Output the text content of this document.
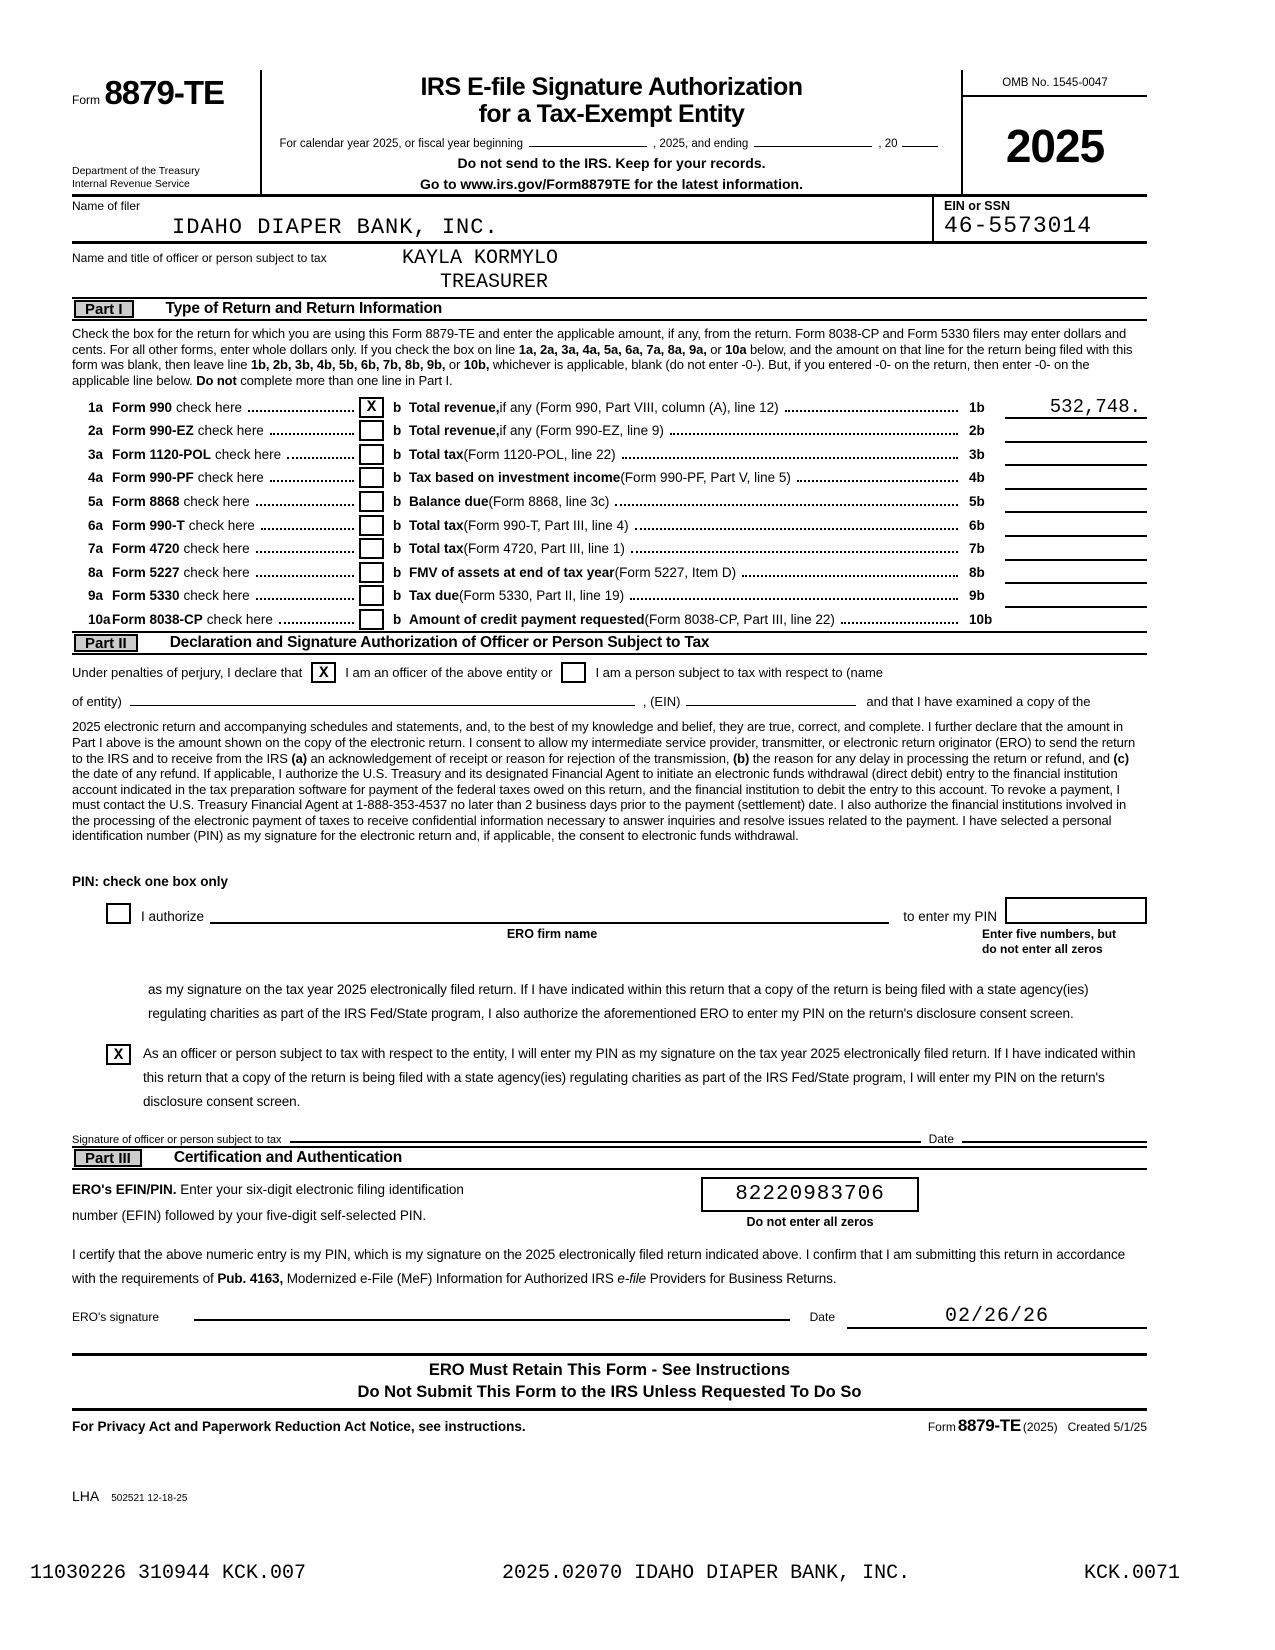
Form 8879-TE
Department of the Treasury
Internal Revenue Service
IRS E-file Signature Authorization
for a Tax-Exempt Entity
For calendar year 2025, or fiscal year beginning	, 2025, and ending	, 20
Do not send to the IRS. Keep for your records.
Go to www.irs.gov/Form8879TE for the latest information.
OMB No. 1545-0047
2025
Name of filer
IDAHO DIAPER BANK, INC.
EIN or SSN
46-5573014
Name and title of officer or person subject to tax	KAYLA KORMYLO
TREASURER
Part I	Type of Return and Return Information
Check the box for the return for which you are using this Form 8879-TE and enter the applicable amount, if any, from the return. Form 8038-CP and Form 5330 filers may enter dollars and cents. For all other forms, enter whole dollars only. If you check the box on line 1a, 2a, 3a, 4a, 5a, 6a, 7a, 8a, 9a, or 10a below, and the amount on that line for the return being filed with this form was blank, then leave line 1b, 2b, 3b, 4b, 5b, 6b, 7b, 8b, 9b, or 10b, whichever is applicable, blank (do not enter -0-). But, if you entered -0- on the return, then enter -0- on the applicable line below. Do not complete more than one line in Part I.
1a Form 990 check here	X	b Total revenue, if any (Form 990, Part VIII, column (A), line 12)	1b	532,748.
2a Form 990-EZ check here	b Total revenue, if any (Form 990-EZ, line 9)	2b
3a Form 1120-POL check here	b Total tax (Form 1120-POL, line 22)	3b
4a Form 990-PF check here	b Tax based on investment income (Form 990-PF, Part V, line 5)	4b
5a Form 8868 check here	b Balance due (Form 8868, line 3c)	5b
6a Form 990-T check here	b Total tax (Form 990-T, Part III, line 4)	6b
7a Form 4720 check here	b Total tax (Form 4720, Part III, line 1)	7b
8a Form 5227 check here	b FMV of assets at end of tax year (Form 5227, Item D)	8b
9a Form 5330 check here	b Tax due (Form 5330, Part II, line 19)	9b
10a Form 8038-CP check here	b Amount of credit payment requested (Form 8038-CP, Part III, line 22)	10b
Part II	Declaration and Signature Authorization of Officer or Person Subject to Tax
Under penalties of perjury, I declare that	X	I am an officer of the above entity or	I am a person subject to tax with respect to (name
of entity)	, (EIN)	and that I have examined a copy of the
2025 electronic return and accompanying schedules and statements, and, to the best of my knowledge and belief, they are true, correct, and complete. I further declare that the amount in Part I above is the amount shown on the copy of the electronic return. I consent to allow my intermediate service provider, transmitter, or electronic return originator (ERO) to send the return to the IRS and to receive from the IRS (a) an acknowledgement of receipt or reason for rejection of the transmission, (b) the reason for any delay in processing the return or refund, and (c) the date of any refund. If applicable, I authorize the U.S. Treasury and its designated Financial Agent to initiate an electronic funds withdrawal (direct debit) entry to the financial institution account indicated in the tax preparation software for payment of the federal taxes owed on this return, and the financial institution to debit the entry to this account. To revoke a payment, I must contact the U.S. Treasury Financial Agent at 1-888-353-4537 no later than 2 business days prior to the payment (settlement) date. I also authorize the financial institutions involved in the processing of the electronic payment of taxes to receive confidential information necessary to answer inquiries and resolve issues related to the payment. I have selected a personal identification number (PIN) as my signature for the electronic return and, if applicable, the consent to electronic funds withdrawal.
PIN: check one box only
I authorize	to enter my PIN
ERO firm name	Enter five numbers, but
do not enter all zeros
as my signature on the tax year 2025 electronically filed return. If I have indicated within this return that a copy of the return is being filed with a state agency(ies) regulating charities as part of the IRS Fed/State program, I also authorize the aforementioned ERO to enter my PIN on the return's disclosure consent screen.
X	As an officer or person subject to tax with respect to the entity, I will enter my PIN as my signature on the tax year 2025 electronically filed return. If I have indicated within this return that a copy of the return is being filed with a state agency(ies) regulating charities as part of the IRS Fed/State program, I will enter my PIN on the return's disclosure consent screen.
Signature of officer or person subject to tax	Date
Part III	Certification and Authentication
ERO's EFIN/PIN. Enter your six-digit electronic filing identification
number (EFIN) followed by your five-digit self-selected PIN.
82220983706
Do not enter all zeros
I certify that the above numeric entry is my PIN, which is my signature on the 2025 electronically filed return indicated above. I confirm that I am submitting this return in accordance with the requirements of Pub. 4163, Modernized e-File (MeF) Information for Authorized IRS e-file Providers for Business Returns.
ERO's signature	Date	02/26/26
ERO Must Retain This Form - See Instructions
Do Not Submit This Form to the IRS Unless Requested To Do So
For Privacy Act and Paperwork Reduction Act Notice, see instructions.	Form 8879-TE (2025) Created 5/1/25
LHA 502521 12-18-25
11030226 310944 KCK.007	2025.02070 IDAHO DIAPER BANK, INC.	KCK.0071
